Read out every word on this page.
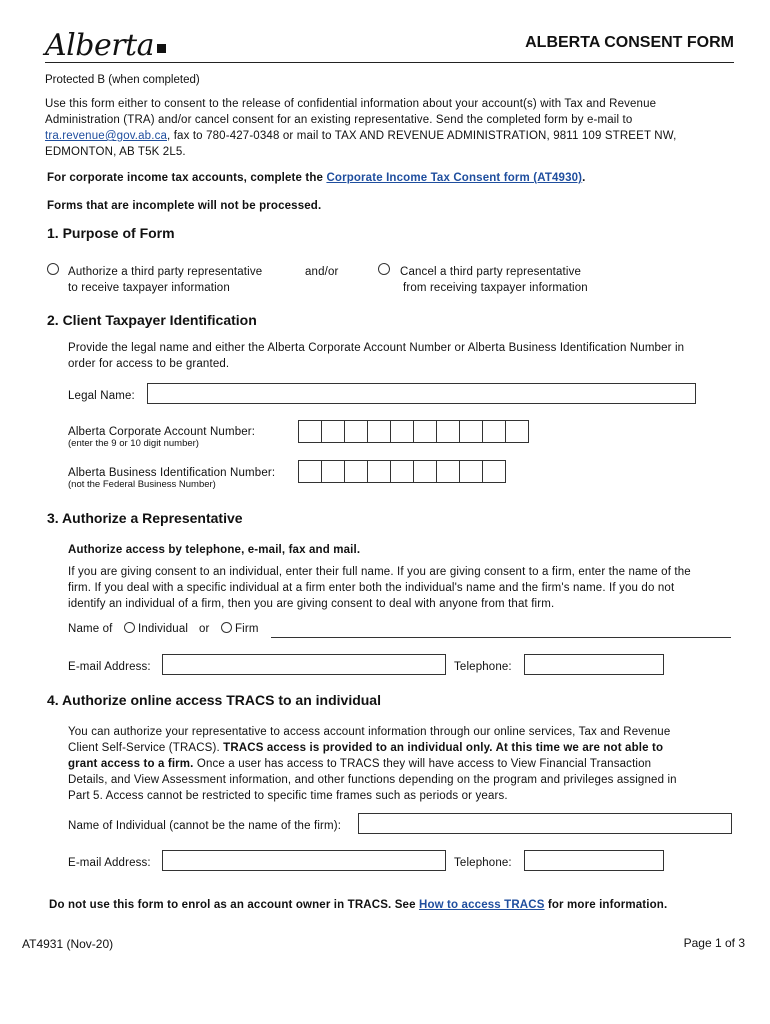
Alberta	ALBERTA CONSENT FORM
Protected B (when completed)
Use this form either to consent to the release of confidential information about your account(s) with Tax and Revenue
Administration (TRA) and/or cancel consent for an existing representative. Send the completed form by e-mail to
tra.revenue@gov.ab.ca, fax to 780-427-0348 or mail to TAX AND REVENUE ADMINISTRATION, 9811 109 STREET NW,
EDMONTON, AB T5K 2L5.
For corporate income tax accounts, complete the Corporate Income Tax Consent form (AT4930).
Forms that are incomplete will not be processed.
1. Purpose of Form
Authorize a third party representative
to receive taxpayer information
and/or	Cancel a third party representative
from receiving taxpayer information
2. Client Taxpayer Identification
Provide the legal name and either the Alberta Corporate Account Number or Alberta Business Identification Number in
order for access to be granted.
Legal Name:
Alberta Corporate Account Number:
(enter the 9 or 10 digit number)
Alberta Business Identification Number:
(not the Federal Business Number)
3. Authorize a Representative
Authorize access by telephone, e-mail, fax and mail.
If you are giving consent to an individual, enter their full name. If you are giving consent to a firm, enter the name of the
firm. If you deal with a specific individual at a firm enter both the individual's name and the firm's name. If you do not
identify an individual of a firm, then you are giving consent to deal with anyone from that firm.
Name of Individual or Firm
E-mail Address:	Telephone:
4. Authorize online access TRACS to an individual
You can authorize your representative to access account information through our online services, Tax and Revenue
Client Self-Service (TRACS). TRACS access is provided to an individual only. At this time we are not able to
grant access to a firm. Once a user has access to TRACS they will have access to View Financial Transaction
Details, and View Assessment information, and other functions depending on the program and privileges assigned in
Part 5. Access cannot be restricted to specific time frames such as periods or years.
Name of Individual (cannot be the name of the firm):
E-mail Address:	Telephone:
Do not use this form to enrol as an account owner in TRACS. See How to access TRACS for more information.
AT4931 (Nov-20)	Page 1 of 3
